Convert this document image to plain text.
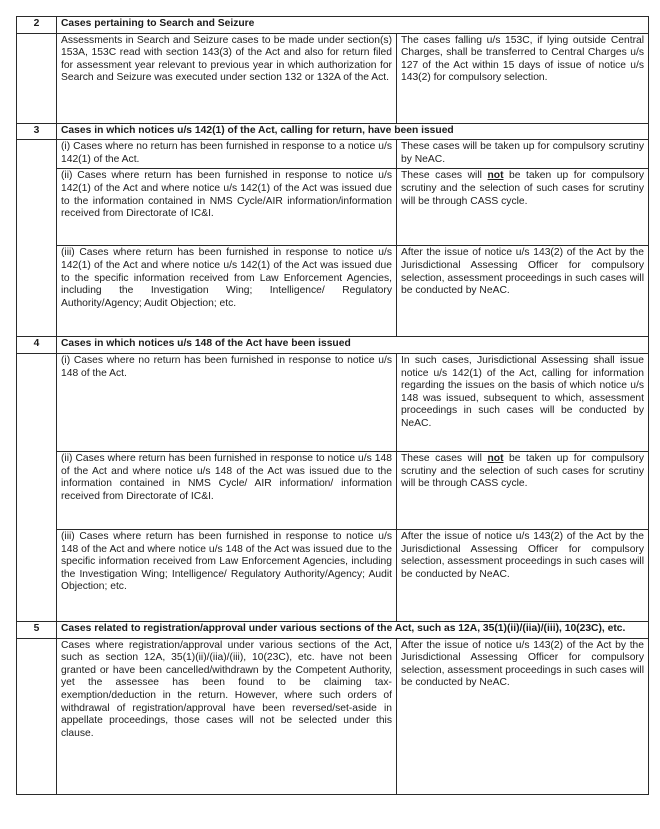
2	Cases pertaining to Search and Seizure	
	Assessments in Search and Seizure cases to be made under section(s) 153A, 153C read with section 143(3) of the Act and also for return filed for assessment year relevant to previous year in which authorization for Search and Seizure was executed under section 132 or 132A of the Act.	The cases falling u/s 153C, if lying outside Central Charges, shall be transferred to Central Charges u/s 127 of the Act within 15 days of issue of notice u/s 143(2) for compulsory selection.
3	Cases in which notices u/s 142(1) of the Act, calling for return, have been issued	
	(i) Cases where no return has been furnished in response to a notice u/s 142(1) of the Act.	These cases will be taken up for compulsory scrutiny by NeAC.
	(ii) Cases where return has been furnished in response to notice u/s 142(1) of the Act and where notice u/s 142(1) of the Act was issued due to the information contained in NMS Cycle/AIR information/information received from Directorate of IC&I.	These cases will not be taken up for compulsory scrutiny and the selection of such cases for scrutiny will be through CASS cycle.
	(iii) Cases where return has been furnished in response to notice u/s 142(1) of the Act and where notice u/s 142(1) of the Act was issued due to the specific information received from Law Enforcement Agencies, including the Investigation Wing; Intelligence/ Regulatory Authority/Agency; Audit Objection; etc.	After the issue of notice u/s 143(2) of the Act by the Jurisdictional Assessing Officer for compulsory selection, assessment proceedings in such cases will be conducted by NeAC.
4	Cases in which notices u/s 148 of the Act have been issued	
	(i) Cases where no return has been furnished in response to notice u/s 148 of the Act.	In such cases, Jurisdictional Assessing shall issue notice u/s 142(1) of the Act, calling for information regarding the issues on the basis of which notice u/s 148 was issued, subsequent to which, assessment proceedings in such cases will be conducted by NeAC.
	(ii) Cases where return has been furnished in response to notice u/s 148 of the Act and where notice u/s 148 of the Act was issued due to the information contained in NMS Cycle/ AIR information/ information received from Directorate of IC&I.	These cases will not be taken up for compulsory scrutiny and the selection of such cases for scrutiny will be through CASS cycle.
	(iii) Cases where return has been furnished in response to notice u/s 148 of the Act and where notice u/s 148 of the Act was issued due to the specific information received from Law Enforcement Agencies, including the Investigation Wing; Intelligence/ Regulatory Authority/Agency; Audit Objection; etc.	After the issue of notice u/s 143(2) of the Act by the Jurisdictional Assessing Officer for compulsory selection, assessment proceedings in such cases will be conducted by NeAC.
5	Cases related to registration/approval under various sections of the Act, such as 12A, 35(1)(ii)/(iia)/(iii), 10(23C), etc.	
	Cases where registration/approval under various sections of the Act, such as section 12A, 35(1)(ii)/(iia)/(iii), 10(23C), etc. have not been granted or have been cancelled/withdrawn by the Competent Authority, yet the assessee has been found to be claiming tax-exemption/deduction in the return. However, where such orders of withdrawal of registration/approval have been reversed/set-aside in appellate proceedings, those cases will not be selected under this clause.	After the issue of notice u/s 143(2) of the Act by the Jurisdictional Assessing Officer for compulsory selection, assessment proceedings in such cases will be conducted by NeAC.
